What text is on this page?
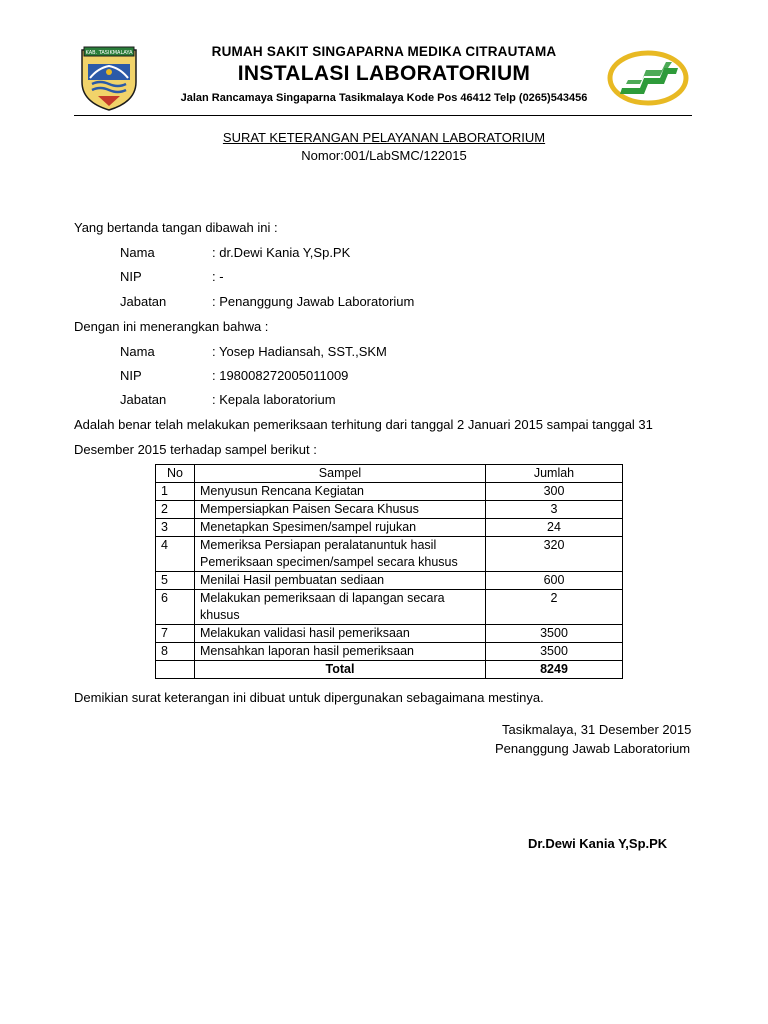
KAB. TASIKMALAYA	RUMAH SAKIT SINGAPARNA MEDIKA CITRAUTAMA
INSTALASI LABORATORIUM
Jalan Rancamaya Singaparna Tasikmalaya Kode Pos 46412 Telp (0265)543456
SURAT KETERANGAN PELAYANAN LABORATORIUM
Nomor:001/LabSMC/122015
Yang bertanda tangan dibawah ini :
Nama	: dr.Dewi Kania Y,Sp.PK
NIP	: -
Jabatan	: Penanggung Jawab Laboratorium
Dengan ini menerangkan bahwa :
Nama	: Yosep Hadiansah, SST.,SKM
NIP	: 198008272005011009
Jabatan	: Kepala laboratorium
Adalah benar telah melakukan pemeriksaan terhitung dari tanggal 2 Januari 2015 sampai tanggal 31
Desember 2015 terhadap sampel berikut :
No	Sampel	Jumlah
1	Menyusun Rencana Kegiatan	300
2	Mempersiapkan Paisen Secara Khusus	3
3	Menetapkan Spesimen/sampel rujukan	24
4	Memeriksa Persiapan peralatanuntuk hasil
Pemeriksaan specimen/sampel secara khusus	320
5	Menilai Hasil pembuatan sediaan	600
6	Melakukan pemeriksaan di lapangan secara
khusus	2
7	Melakukan validasi hasil pemeriksaan	3500
8	Mensahkan laporan hasil pemeriksaan	3500
	Total	8249
Demikian surat keterangan ini dibuat untuk dipergunakan sebagaimana mestinya.
Tasikmalaya, 31 Desember 2015
Penanggung Jawab Laboratorium
Dr.Dewi Kania Y,Sp.PK
